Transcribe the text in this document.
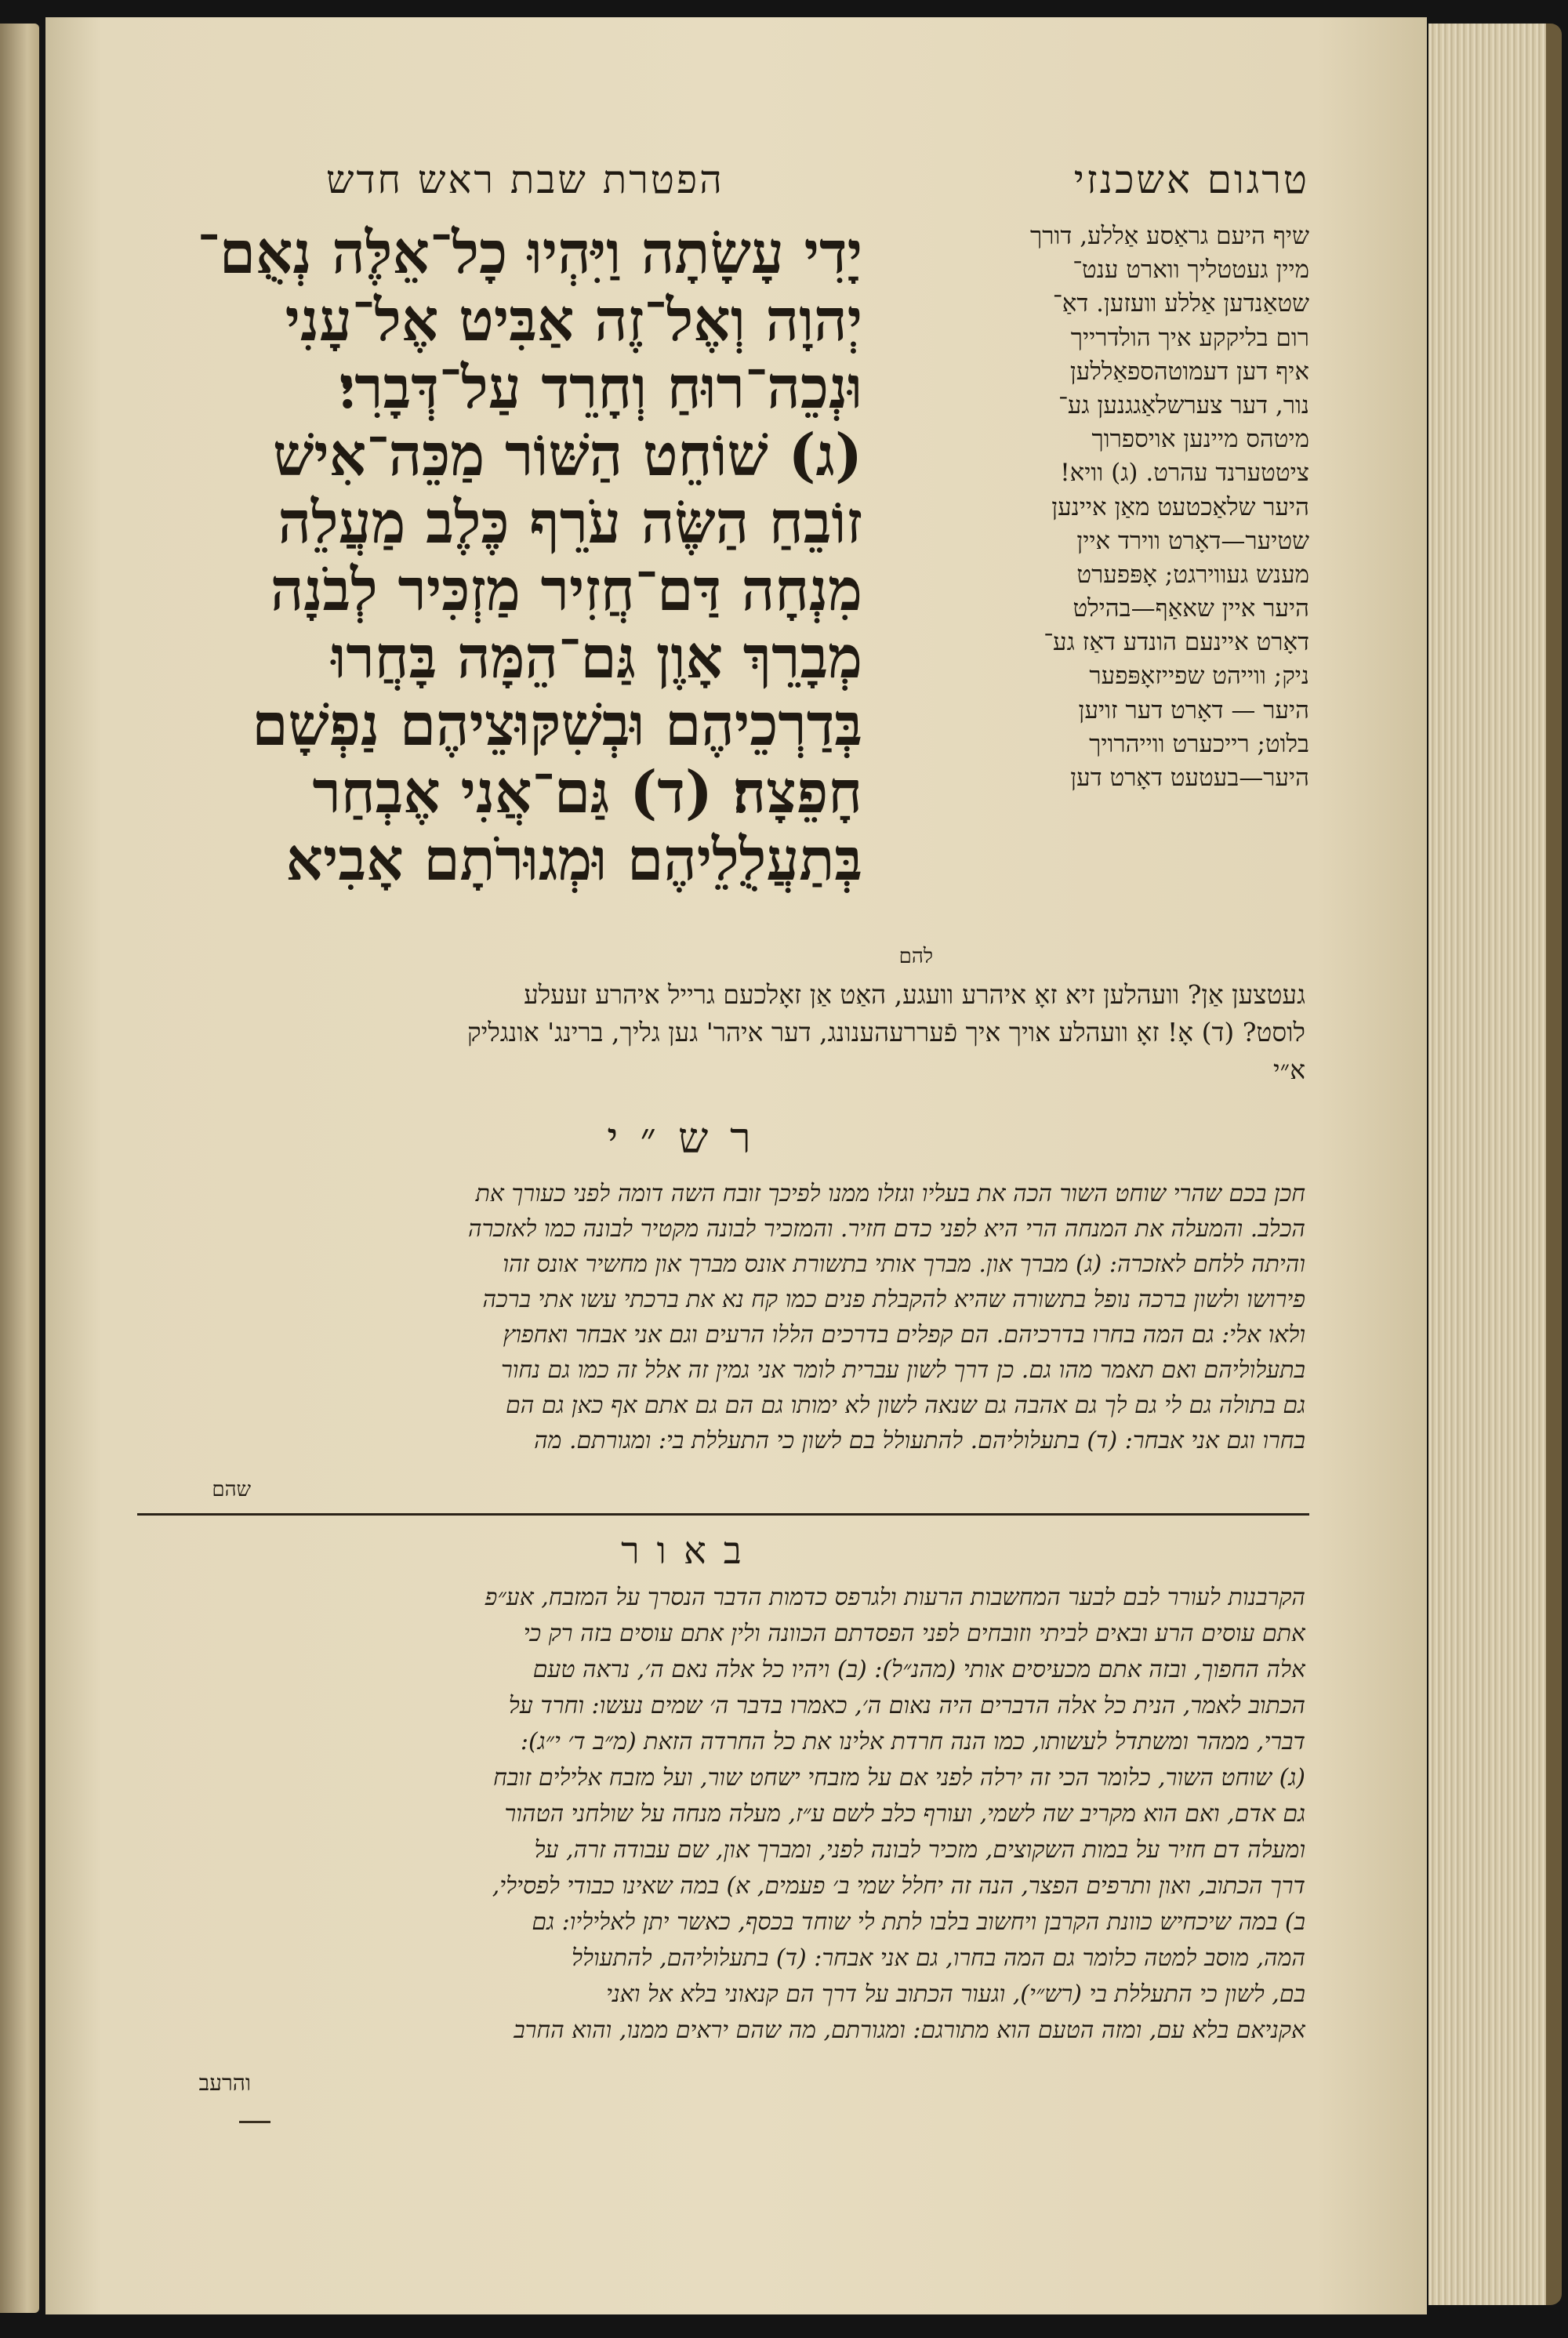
טרגום אשכנזי
הפטרת שבת ראש חדש
יָדִי עָשָׂתָה וַיִּהְיוּ כָל־אֵלֶּה נְאֻם־
יְהוָה וְאֶל־זֶה אַבִּיט אֶל־עָנִי
וּנְכֵה־רוּחַ וְחָרֵד עַל־דְּבָרִי׃
(ג) שׁוֹחֵט הַשּׁוֹר מַכֵּה־אִישׁ
זוֹבֵחַ הַשֶּׂה עֹרֵף כֶּלֶב מַעֲלֵה
מִנְחָה דַּם־חֲזִיר מַזְכִּיר לְבֹנָה
מְבָרֵךְ אָוֶן גַּם־הֵמָּה בָּחֲרוּ
בְּדַרְכֵיהֶם וּבְשִׁקּוּצֵיהֶם נַפְשָׁם
חָפֵצָה׃ (ד) גַּם־אֲנִי אֶבְחַר
בְּתַעֲלֻלֵיהֶם וּמְגוּרֹתָם אָבִיא
להם
שיף היעם גראַסע אַללע, דורך
מיין געטטליך ווארט ענט־
שטאַנדען אַללע וועזען. דאַ־
רום בליקקע איך הולדרייך
איף דען דעמוטהספאַללען
נור, דער צערשלאַגגנען גע־
מיטהס מיינען אויספרוך
ציטטערנד עהרט. (ג) וויא!
היער שלאַכטעט מאַן איינען
שטיער—דאָרט ווירד איין
מענש געווירגט; אָפּפערט
היער איין שאאַף—בהילט
דאָרט איינעם הונדע דאַז גע־
ניק; ווייהט שפייזאָפּפער
היער — דאָרט דער זויען
בלוט; רייכערט ווייהרויך
היער—בעטעט דאָרט דען
געטצען אַן? וועהלען זיא זאָ איהרע וועגע, האַט אַן זאָלכעם גרייל איהרע זעעלע
לוסט? (ד) אָ! זאָ וועהלע אויך איך פֿעררעהענונג, דער איהר' גען גליך, ברינג' אונגליק
א״י
רש״י
חכן בכם שהרי שוחט השור הכה את בעליו וגזלו ממנו לפיכך זובח השה דומה לפני כעורך את
הכלב. והמעלה את המנחה הרי היא לפני כדם חזיר. והמזכיר לבונה מקטיר לבונה כמו לאזכרה
והיתה ללחם לאזכרה: (ג) מברך און. מברך אותי בתשורת אונס מברך און מחשיר אונס זהו
פירושו ולשון ברכה נופל בתשורה שהיא להקבלת פנים כמו קח נא את ברכתי עשו אתי ברכה
ולאו אלי: גם המה בחרו בדרכיהם. הם קפלים בדרכים הללו הרעים וגם אני אבחר ואחפוץ
בתעלוליהם ואם תאמר מהו גם. כן דרך לשון עברית לומר אני גמין זה אלל זה כמו גם נחור
גם בתולה גם לי גם לך גם אהבה גם שנאה לשון לא ימותו גם הם גם אתם אף כאן גם הם
בחרו וגם אני אבחר: (ד) בתעלוליהם. להתעולל בם לשון כי התעללת בי: ומגורתם. מה
שהם
באור
הקרבנות לעורר לבם לבער המחשבות הרעות ולגרפס כדמות הדבר הנסרך על המזבח, אע״פ
אתם עוסים הרע ובאים לביתי וזובחים לפני הפסדתם הכוונה ולין אתם עוסים בזה רק כי
אלה החפוך, ובזה אתם מכעיסים אותי (מהנ״ל): (ב) ויהיו כל אלה נאם ה׳, נראה טעם
הכתוב לאמר, הנית כל אלה הדברים היה נאום ה׳, כאמרו בדבר ה׳ שמים נעשו: וחרד על
דברי, ממהר ומשתדל לעשותו, כמו הנה חרדת אלינו את כל החרדה הזאת (מ״ב ד׳ י״ג):
(ג) שוחט השור, כלומר הכי זה ירלה לפני אם על מזבחי ישחט שור, ועל מזבח אלילים זובח
גם אדם, ואם הוא מקריב שה לשמי, ועורף כלב לשם ע״ז, מעלה מנחה על שולחני הטהור
ומעלה דם חזיר על במות השקוצים, מזכיר לבונה לפני, ומברך און, שם עבודה זרה, על
דרך הכתוב, ואון ותרפים הפצר, הנה זה יחלל שמי ב׳ פעמים, א) במה שאינו כבודי לפסילי,
ב) במה שיכחיש כוונת הקרבן ויחשוב בלבו לתת לי שוחד בכסף, כאשר יתן לאליליו: גם
המה, מוסב למטה כלומר גם המה בחרו, גם אני אבחר: (ד) בתעלוליהם, להתעולל
בם, לשון כי התעללת בי (רש״י), וגעור הכתוב על דרך הם קנאוני בלא אל ואני
אקניאם בלא עם, ומזה הטעם הוא מתורגם: ומגורתם, מה שהם יראים ממנו, והוא החרב
והרעב
